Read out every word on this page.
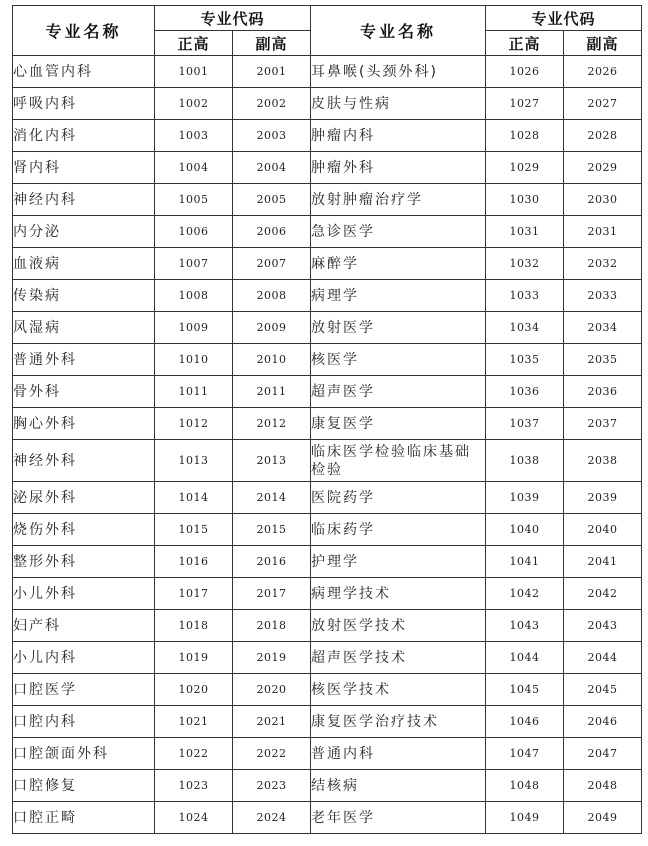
专业名称	专业代码		专业名称	专业代码	
	正高	副高		正高	副高
心血管内科	1001	2001	耳鼻喉(头颈外科)	1026	2026
呼吸内科	1002	2002	皮肤与性病	1027	2027
消化内科	1003	2003	肿瘤内科	1028	2028
肾内科	1004	2004	肿瘤外科	1029	2029
神经内科	1005	2005	放射肿瘤治疗学	1030	2030
内分泌	1006	2006	急诊医学	1031	2031
血液病	1007	2007	麻醉学	1032	2032
传染病	1008	2008	病理学	1033	2033
风湿病	1009	2009	放射医学	1034	2034
普通外科	1010	2010	核医学	1035	2035
骨外科	1011	2011	超声医学	1036	2036
胸心外科	1012	2012	康复医学	1037	2037
神经外科	1013	2013	临床医学检验临床基础检验	1038	2038
泌尿外科	1014	2014	医院药学	1039	2039
烧伤外科	1015	2015	临床药学	1040	2040
整形外科	1016	2016	护理学	1041	2041
小儿外科	1017	2017	病理学技术	1042	2042
妇产科	1018	2018	放射医学技术	1043	2043
小儿内科	1019	2019	超声医学技术	1044	2044
口腔医学	1020	2020	核医学技术	1045	2045
口腔内科	1021	2021	康复医学治疗技术	1046	2046
口腔颌面外科	1022	2022	普通内科	1047	2047
口腔修复	1023	2023	结核病	1048	2048
口腔正畸	1024	2024	老年医学	1049	2049
